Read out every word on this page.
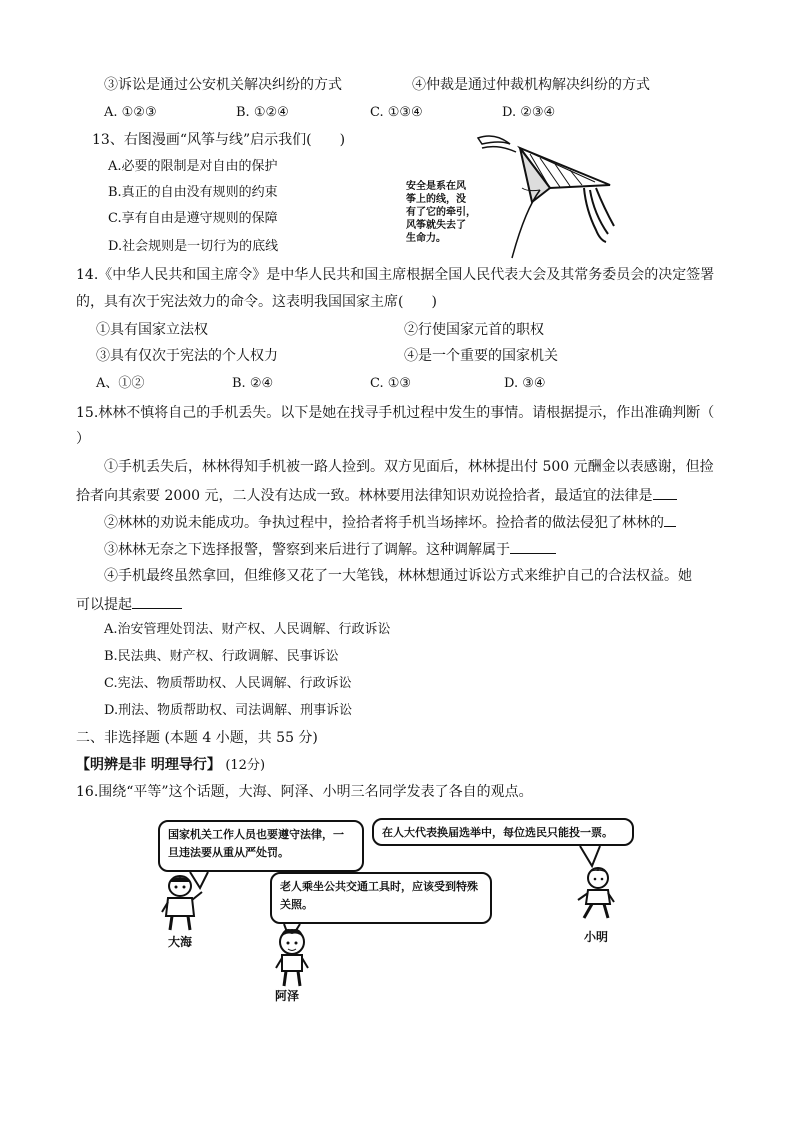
③诉讼是通过公安机关解决纠纷的方式	④仲裁是通过仲裁机构解决纠纷的方式
A. ①②③	B. ①②④	C. ①③④	D. ②③④
13、右图漫画“风筝与线”启示我们(　　)
A.必要的限制是对自由的保护
B.真正的自由没有规则的约束
C.享有自由是遵守规则的保障
D.社会规则是一切行为的底线
安全是系在风
筝上的线，没
有了它的牵引，
风筝就失去了
生命力。
14.《中华人民共和国主席令》是中华人民共和国主席根据全国人民代表大会及其常务委员会的决定签署
的，具有次于宪法效力的命令。这表明我国国家主席(　　)
①具有国家立法权	②行使国家元首的职权
③具有仅次于宪法的个人权力	④是一个重要的国家机关
A、①②	B. ②④	C. ①③	D. ③④
15.林林不慎将自己的手机丢失。以下是她在找寻手机过程中发生的事情。请根据提示，作出准确判断（
）
①手机丢失后，林林得知手机被一路人捡到。双方见面后，林林提出付 500 元酬金以表感谢，但捡
拾者向其索要 2000 元，二人没有达成一致。林林要用法律知识劝说捡拾者，最适宜的法律是
②林林的劝说未能成功。争执过程中，捡拾者将手机当场摔坏。捡拾者的做法侵犯了林林的
③林林无奈之下选择报警，警察到来后进行了调解。这种调解属于
④手机最终虽然拿回，但维修又花了一大笔钱，林林想通过诉讼方式来维护自己的合法权益。她
可以提起
A.治安管理处罚法、财产权、人民调解、行政诉讼
B.民法典、财产权、行政调解、民事诉讼
C.宪法、物质帮助权、人民调解、行政诉讼
D.刑法、物质帮助权、司法调解、刑事诉讼
二、非选择题 (本题 4 小题，共 55 分)
【明辨是非 明理导行】 (12分)
16.围绕“平等”这个话题，大海、阿泽、小明三名同学发表了各自的观点。
国家机关工作人员也要遵守法律，一旦违法要从重从严处罚。
在人大代表换届选举中，每位选民只能投一票。
老人乘坐公共交通工具时，应该受到特殊关照。
大海
阿泽
小明
